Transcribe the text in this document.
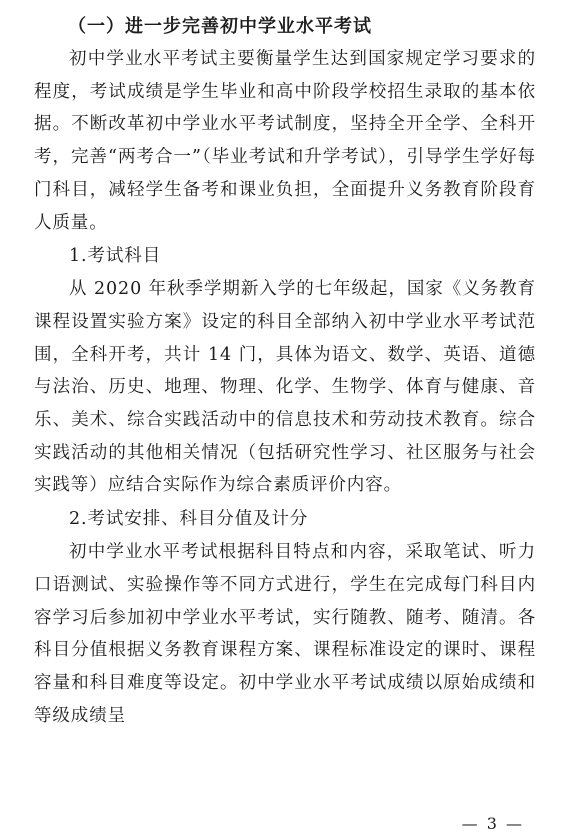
（一）进一步完善初中学业水平考试

初中学业水平考试主要衡量学生达到国家规定学习要求的程度，考试成绩是学生毕业和高中阶段学校招生录取的基本依据。不断改革初中学业水平考试制度，坚持全开全学、全科开考，完善“两考合一”（毕业考试和升学考试），引导学生学好每门科目，减轻学生备考和课业负担，全面提升义务教育阶段育人质量。

1.考试科目

从 2020 年秋季学期新入学的七年级起，国家《义务教育课程设置实验方案》设定的科目全部纳入初中学业水平考试范围，全科开考，共计 14 门，具体为语文、数学、英语、道德与法治、历史、地理、物理、化学、生物学、体育与健康、音乐、美术、综合实践活动中的信息技术和劳动技术教育。综合实践活动的其他相关情况（包括研究性学习、社区服务与社会实践等）应结合实际作为综合素质评价内容。

2.考试安排、科目分值及计分

初中学业水平考试根据科目特点和内容，采取笔试、听力口语测试、实验操作等不同方式进行，学生在完成每门科目内容学习后参加初中学业水平考试，实行随教、随考、随清。各科目分值根据义务教育课程方案、课程标准设定的课时、课程容量和科目难度等设定。初中学业水平考试成绩以原始成绩和等级成绩呈

— 3 —
